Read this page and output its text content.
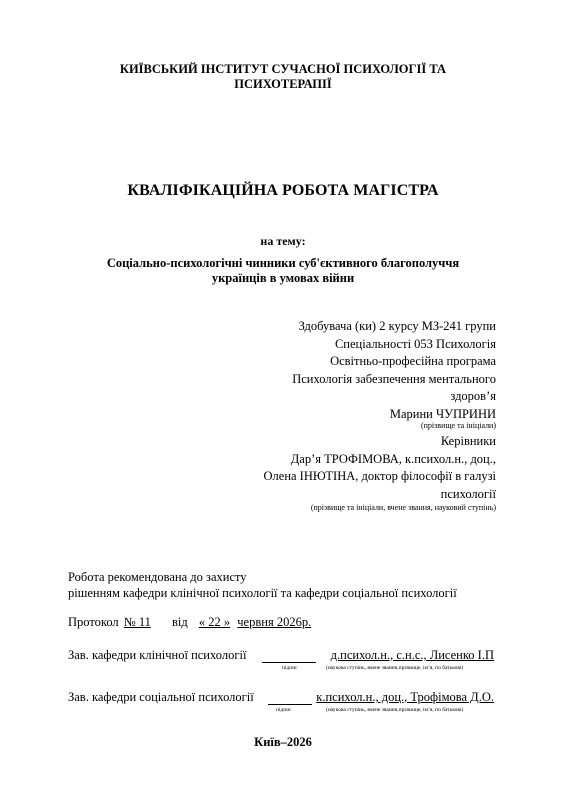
КИЇВСЬКИЙ ІНСТИТУТ СУЧАСНОЇ ПСИХОЛОГІЇ ТА
ПСИХОТЕРАПІЇ
КВАЛІФІКАЦІЙНА РОБОТА МАГІСТРА
на тему:
Соціально-психологічні чинники суб'єктивного благополуччя
українців в умовах війни
Здобувача (ки) 2 курсу МЗ-241 групи
Спеціальності 053 Психологія
Освітньо-професійна програма
Психологія забезпечення ментального
здоров’я
Марини ЧУПРИНИ
(прізвище та ініціали)
Керівники
Дар’я ТРОФІМОВА, к.психол.н., доц.,
Олена ІНЮТІНА, доктор філософії в галузі
психології
(прізвище та ініціали, вчене звання, науковий ступінь)
Робота рекомендована до захисту
рішенням кафедри клінічної психології та кафедри соціальної психології
Протокол № 11 від « 22 » червня 2026р.
Зав. кафедри клінічної психології	д.психол.н., с.н.с., Лисенко І.П
підпис	(наукова ступінь, вчене звання,прізвище, ім’я, по батькові)
Зав. кафедри соціальної психології	к.психол.н., доц., Трофімова Д.О.
підпис	(наукова ступінь, вчене звання,прізвище, ім’я, по батькові)
Київ–2026
